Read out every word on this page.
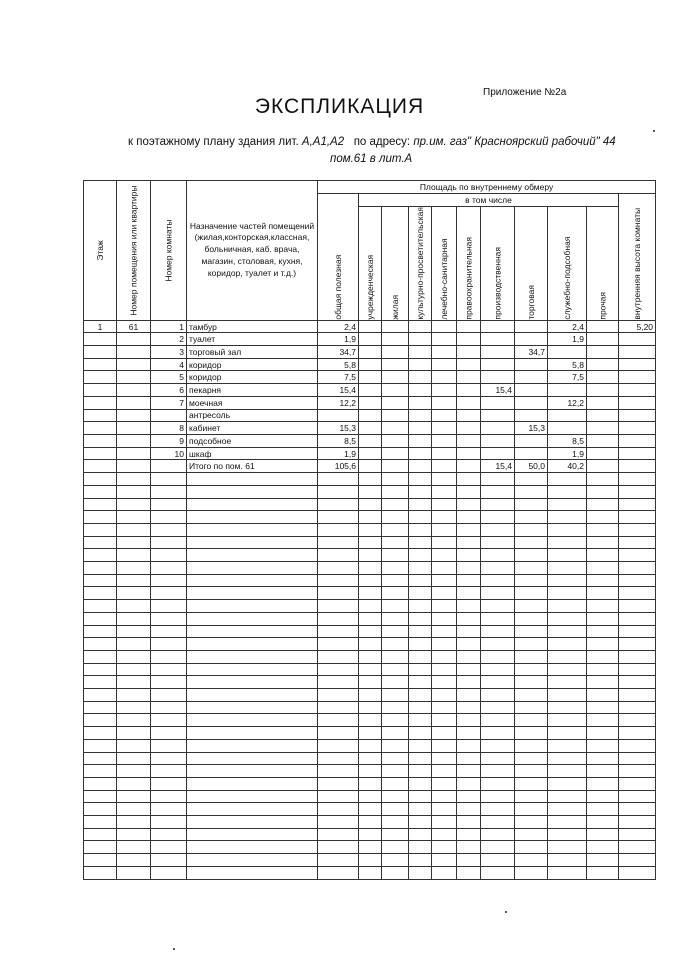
Приложение №2а
ЭКСПЛИКАЦИЯ
к поэтажному плану здания лит. А,А1,А2 по адресу: пр.им. газ" Красноярский рабочий" 44
пом.61 в лит.А
Этаж	Номер помещения или квартиры	Номер комнаты	Назначение частей помещений (жилая,конторская,классная, больничная, каб. врача, магазин, столовая, кухня, коридор, туалет и т.д.)	Площадь по внутреннему обмеру										
				общая полезная	в том числе									внутренняя высота комнаты
					учрежденческая	жилая	культурно-просветительская	лечебно-санитарная	правоохранительная	производственная	торговая	служебно-подсобная	прочая	
1	61	1	тамбур	2,4								2,4		5,20
		2	туалет	1,9								1,9		
		3	торговый зал	34,7							34,7			
		4	коридор	5,8								5,8		
		5	коридор	7,5								7,5		
		6	пекарня	15,4						15,4				
		7	моечная	12,2								12,2		
			антресоль											
		8	кабинет	15,3							15,3			
		9	подсобное	8,5								8,5		
		10	шкаф	1,9								1,9		
			Итого по пом. 61	105,6						15,4	50,0	40,2		
